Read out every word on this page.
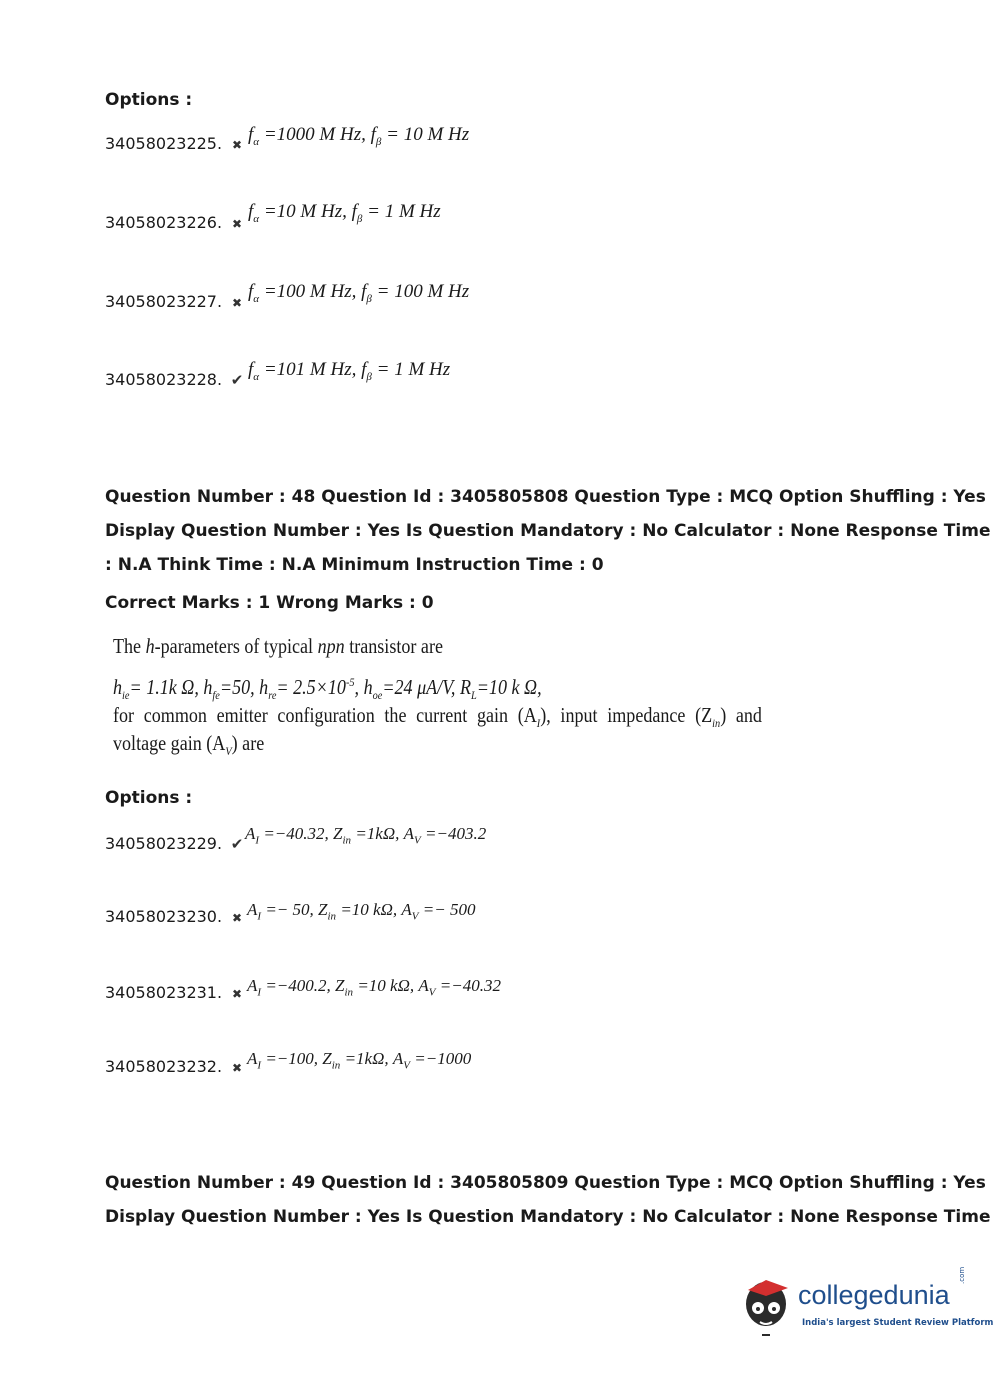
Options :
34058023225. ✖ $f_\alpha =1000$ M Hz, $f_\beta = 10$ M Hz
34058023226. ✖
$f_\alpha =10$ M Hz, $f_\beta = 1$ M Hz
34058023227. ✖
$f_\alpha =100$ M Hz, $f_\beta = 100$ M Hz
34058023228. ✔ $f_\alpha =101$ M Hz, $f_\beta = 1$ M Hz
Question Number : 48 Question Id : 3405805808 Question Type : MCQ Option Shuffling : Yes
Display Question Number : Yes Is Question Mandatory : No Calculator : None Response Time
: N.A Think Time : N.A Minimum Instruction Time : 0
Correct Marks : 1 Wrong Marks : 0
The h-parameters of typical npn transistor are
$h_{ie}= 1.1k$ Ω, $h_{fe}=50$, $h_{re}= 2.5\times 10^{-5}$, $h_{oe}=24$ μA/V, $R_L=10$ k Ω,
for common emitter configuration the current gain $(A_I)$, input impedance $(Z_{in})$ and
voltage gain $(A_V)$ are
Options :
34058023229. ✔
$A_I =-40.32$, $Z_{in} =1k\Omega$, $A_V =-403.2$
34058023230. ✖ $A_I =- 50$, $Z_{in} =10$ kΩ, $A_V =- 500$
34058023231. ✖ $A_I =-400.2$, $Z_{in} =10$ kΩ, $A_V =-40.32$
34058023232. ✖ $A_I =-100$, $Z_{in} =1k\Omega$, $A_V =-1000$
Question Number : 49 Question Id : 3405805809 Question Type : MCQ Option Shuffling : Yes
Display Question Number : Yes Is Question Mandatory : No Calculator : None Response Time
collegedunia
India's largest Student Review Platform
.com
